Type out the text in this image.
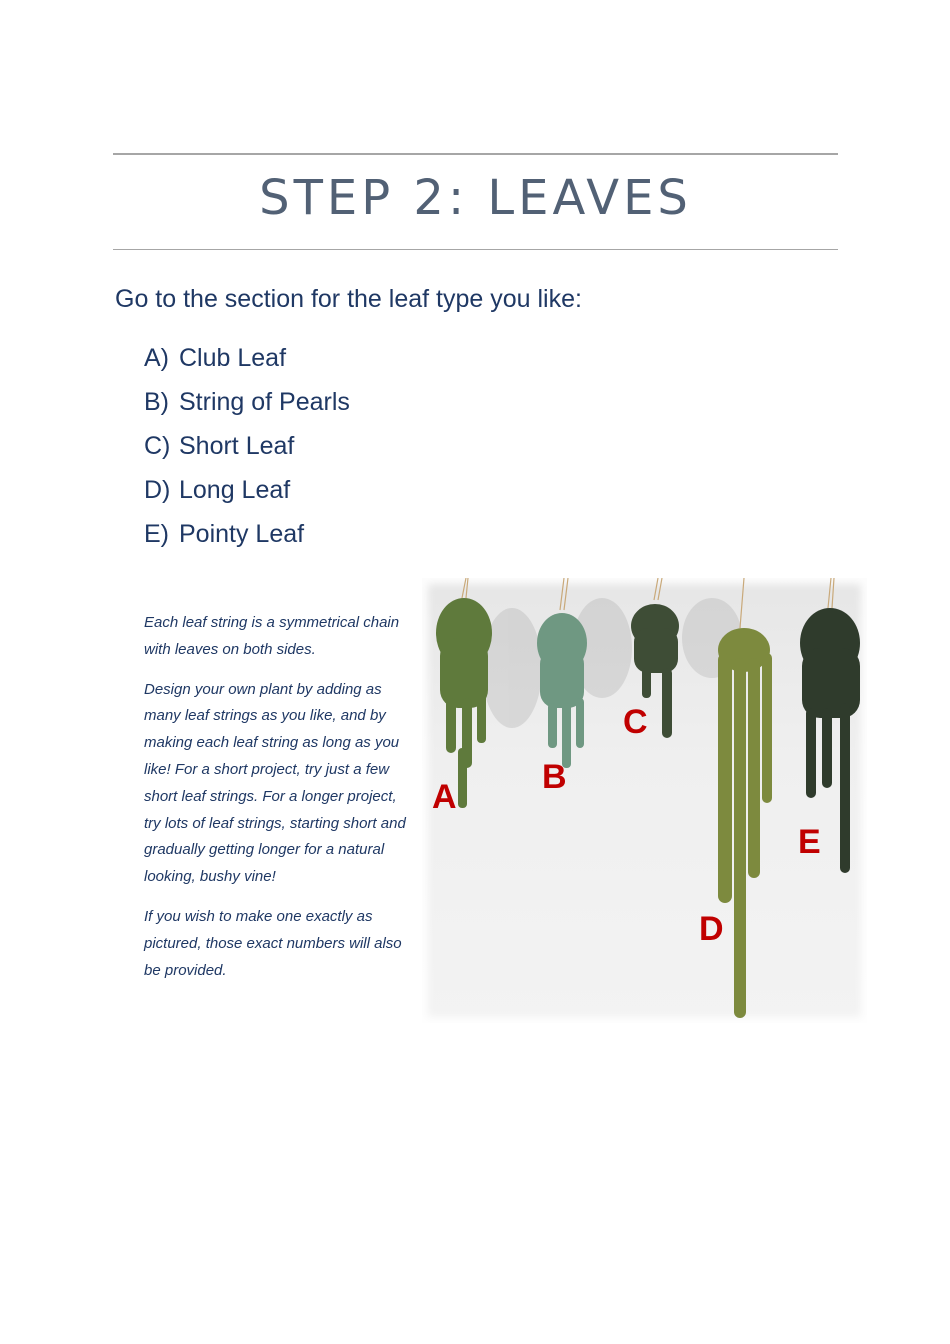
STEP 2: LEAVES
Go to the section for the leaf type you like:
A) Club Leaf
B) String of Pearls
C) Short Leaf
D) Long Leaf
E) Pointy Leaf

Each leaf string is a symmetrical chain with leaves on both sides.

Design your own plant by adding as many leaf strings as you like, and by making each leaf string as long as you like! For a short project, try just a few short leaf strings. For a longer project, try lots of leaf strings, starting short and gradually getting longer for a natural looking, bushy vine!

If you wish to make one exactly as pictured, those exact numbers will also be provided.

A
B
C
D
E
